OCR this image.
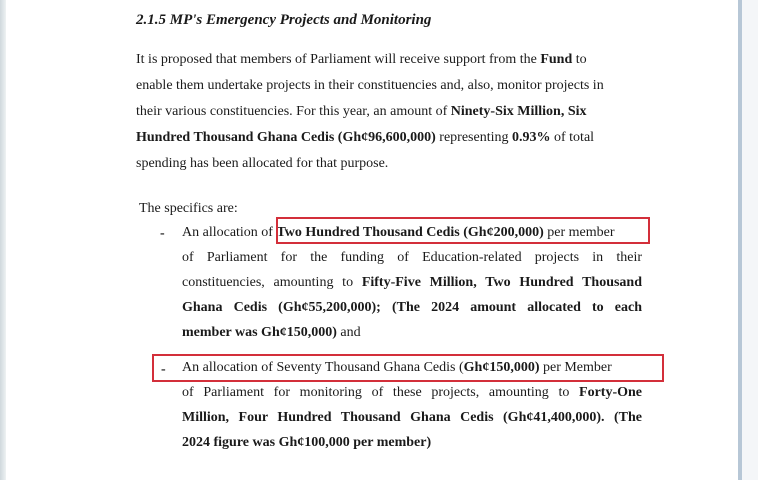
2.1.5 MP's Emergency Projects and Monitoring

It is proposed that members of Parliament will receive support from the Fund to

enable them undertake projects in their constituencies and, also, monitor projects in

their various constituencies. For this year, an amount of Ninety-Six Million, Six

Hundred Thousand Ghana Cedis (Gh¢96,600,000) representing 0.93% of total

spending has been allocated for that purpose.

The specifics are:
- An allocation of Two Hundred Thousand Cedis (Gh¢200,000) per member

of Parliament for the funding of Education-related projects in their

constituencies, amounting to Fifty-Five Million, Two Hundred Thousand

Ghana Cedis (Gh¢55,200,000); (The 2024 amount allocated to each

member was Gh¢150,000) and

- An allocation of Seventy Thousand Ghana Cedis (Gh¢150,000) per Member

of Parliament for monitoring of these projects, amounting to Forty-One

Million, Four Hundred Thousand Ghana Cedis (Gh¢41,400,000). (The

2024 figure was Gh¢100,000 per member)
